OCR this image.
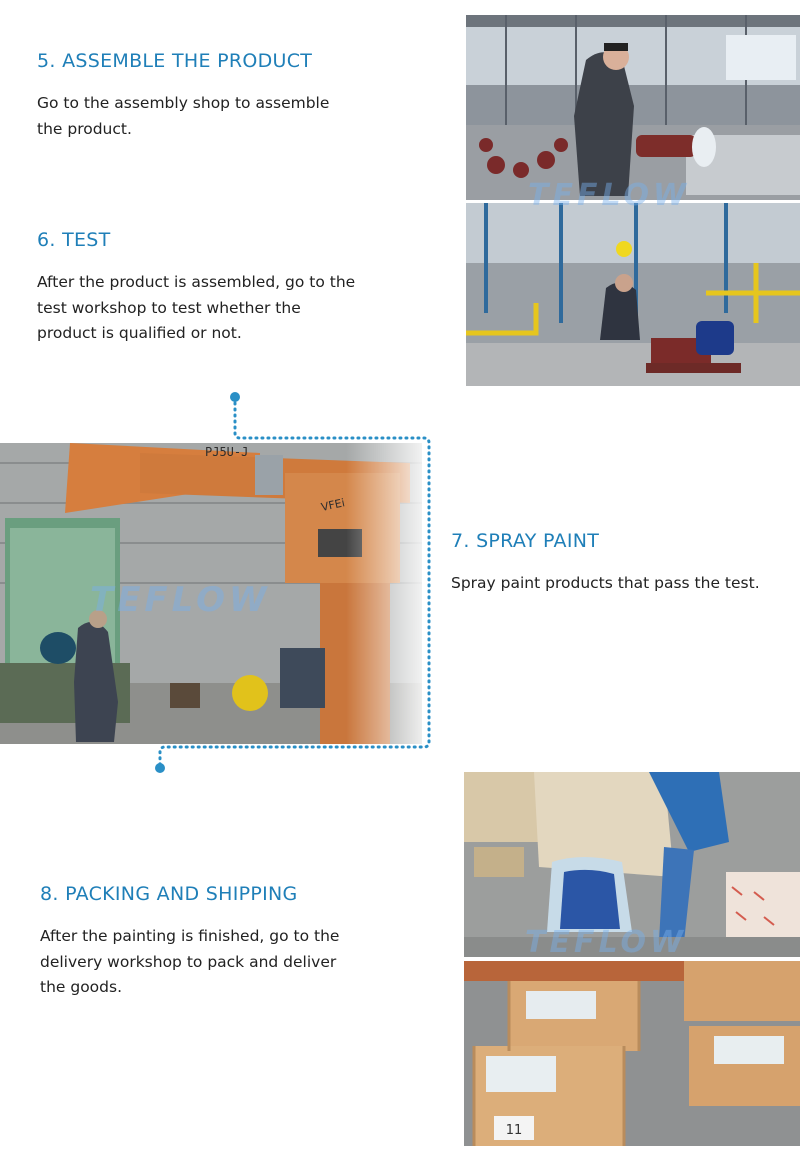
5. ASSEMBLE THE PRODUCT

Go to the assembly shop to assemble the product.

6. TEST

After the product is assembled, go to the test workshop to test whether the product is qualified or not.

7. SPRAY PAINT

Spray paint products that pass the test.

PJ5U-J
VFEi
11
8. PACKING AND SHIPPING

After the painting is finished, go to the delivery workshop to pack and deliver the goods.

TEFLOW
TEFLOW
TEFLOW
